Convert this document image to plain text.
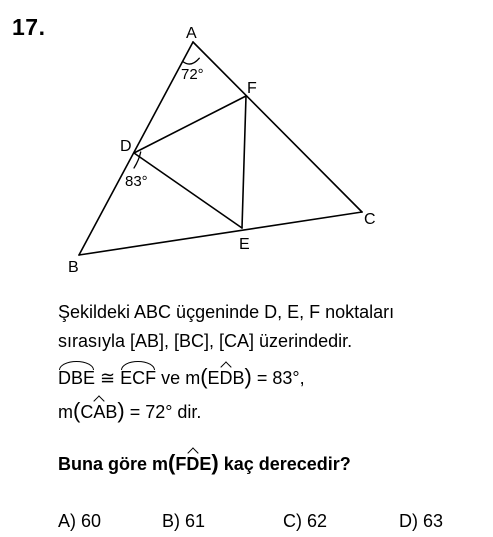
17.	A
B
C
D
E
F
72°
83°
Şekildeki ABC üçgeninde D, E, F noktaları
sırasıyla [AB], [BC], [CA] üzerindedir.
DBE ≅ ECF ve m(EDB) = 83°,
m(CAB) = 72° dir.
Buna göre m(FDE) kaç derecedir?
A) 60	B) 61	C) 62	D) 63
